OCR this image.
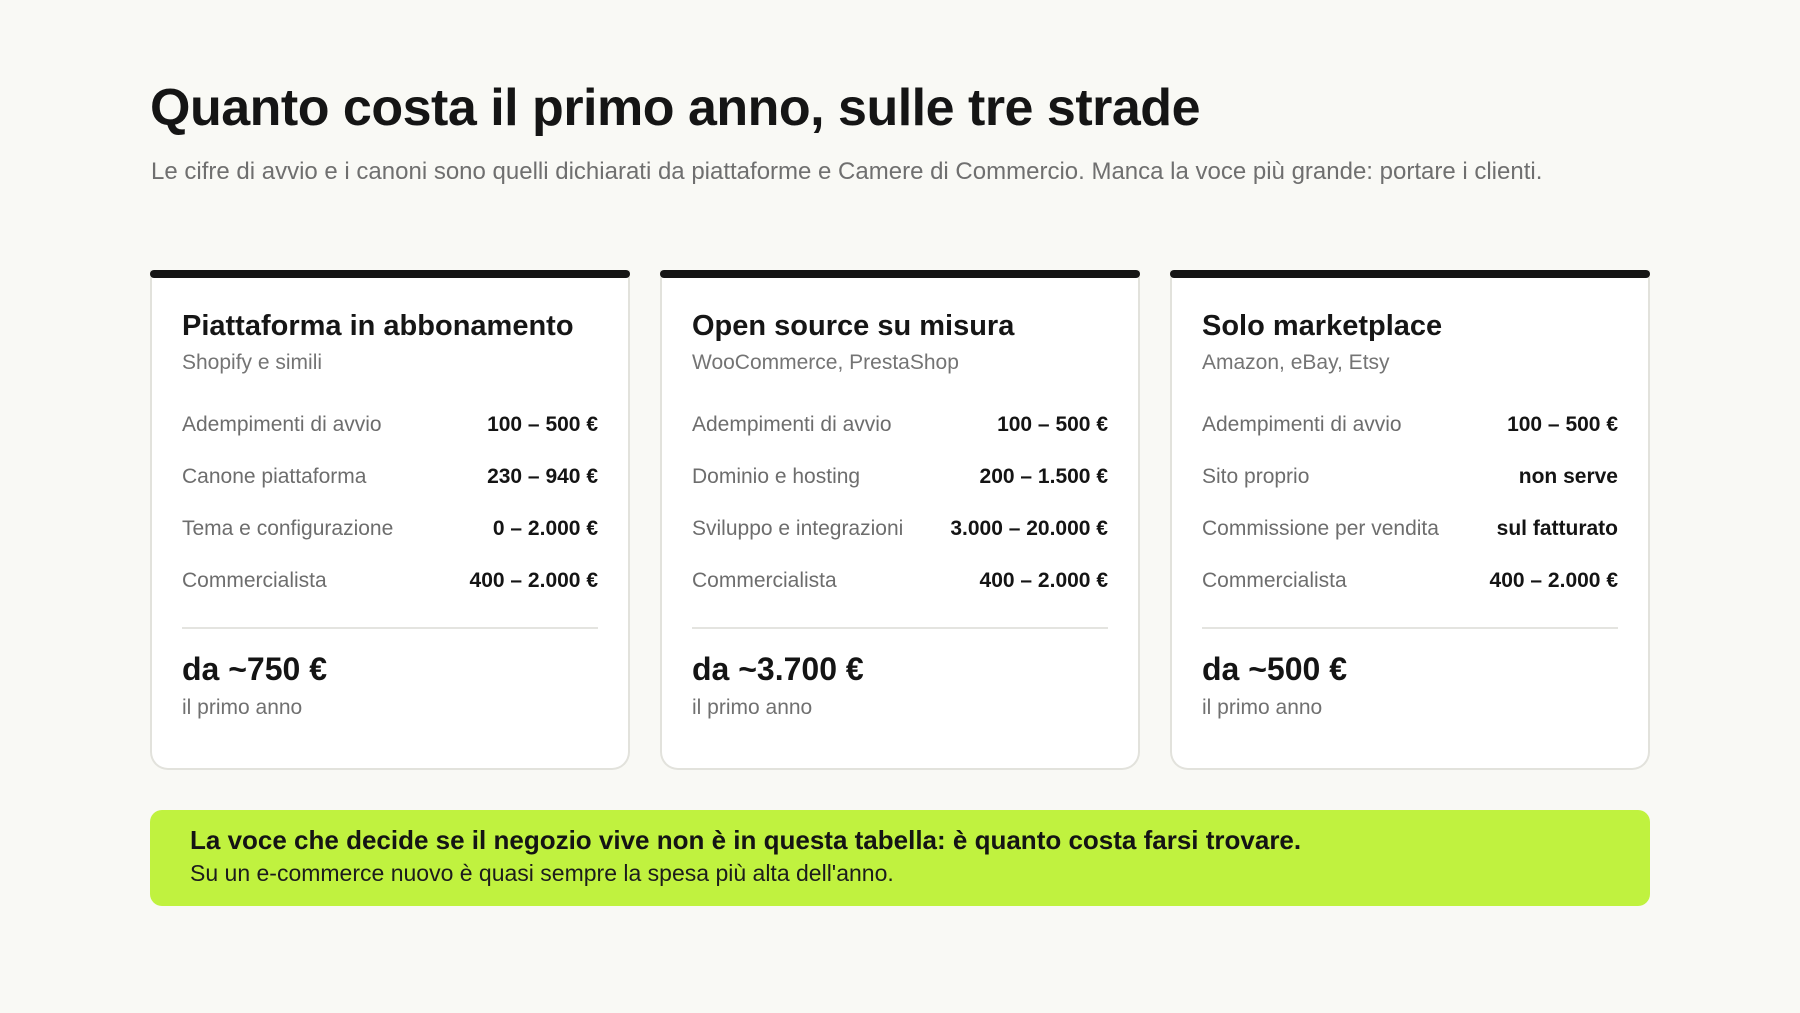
Quanto costa il primo anno, sulle tre strade

Le cifre di avvio e i canoni sono quelli dichiarati da piattaforme e Camere di Commercio. Manca la voce più grande: portare i clienti.

Piattaforma in abbonamento

Shopify e simili

Adempimenti di avvio	100 – 500 €
Canone piattaforma	230 – 940 €
Tema e configurazione	0 – 2.000 €
Commercialista	400 – 2.000 €

da ~750 €

il primo anno

Open source su misura

WooCommerce, PrestaShop

Adempimenti di avvio	100 – 500 €
Dominio e hosting	200 – 1.500 €
Sviluppo e integrazioni 3.000 – 20.000 €
Commercialista	400 – 2.000 €

da ~3.700 €

il primo anno

Solo marketplace

Amazon, eBay, Etsy

Adempimenti di avvio	100 – 500 €
Sito proprio	non serve
Commissione per vendita	sul fatturato
Commercialista	400 – 2.000 €

da ~500 €

il primo anno

La voce che decide se il negozio vive non è in questa tabella: è quanto costa farsi trovare.

Su un e-commerce nuovo è quasi sempre la spesa più alta dell'anno.
